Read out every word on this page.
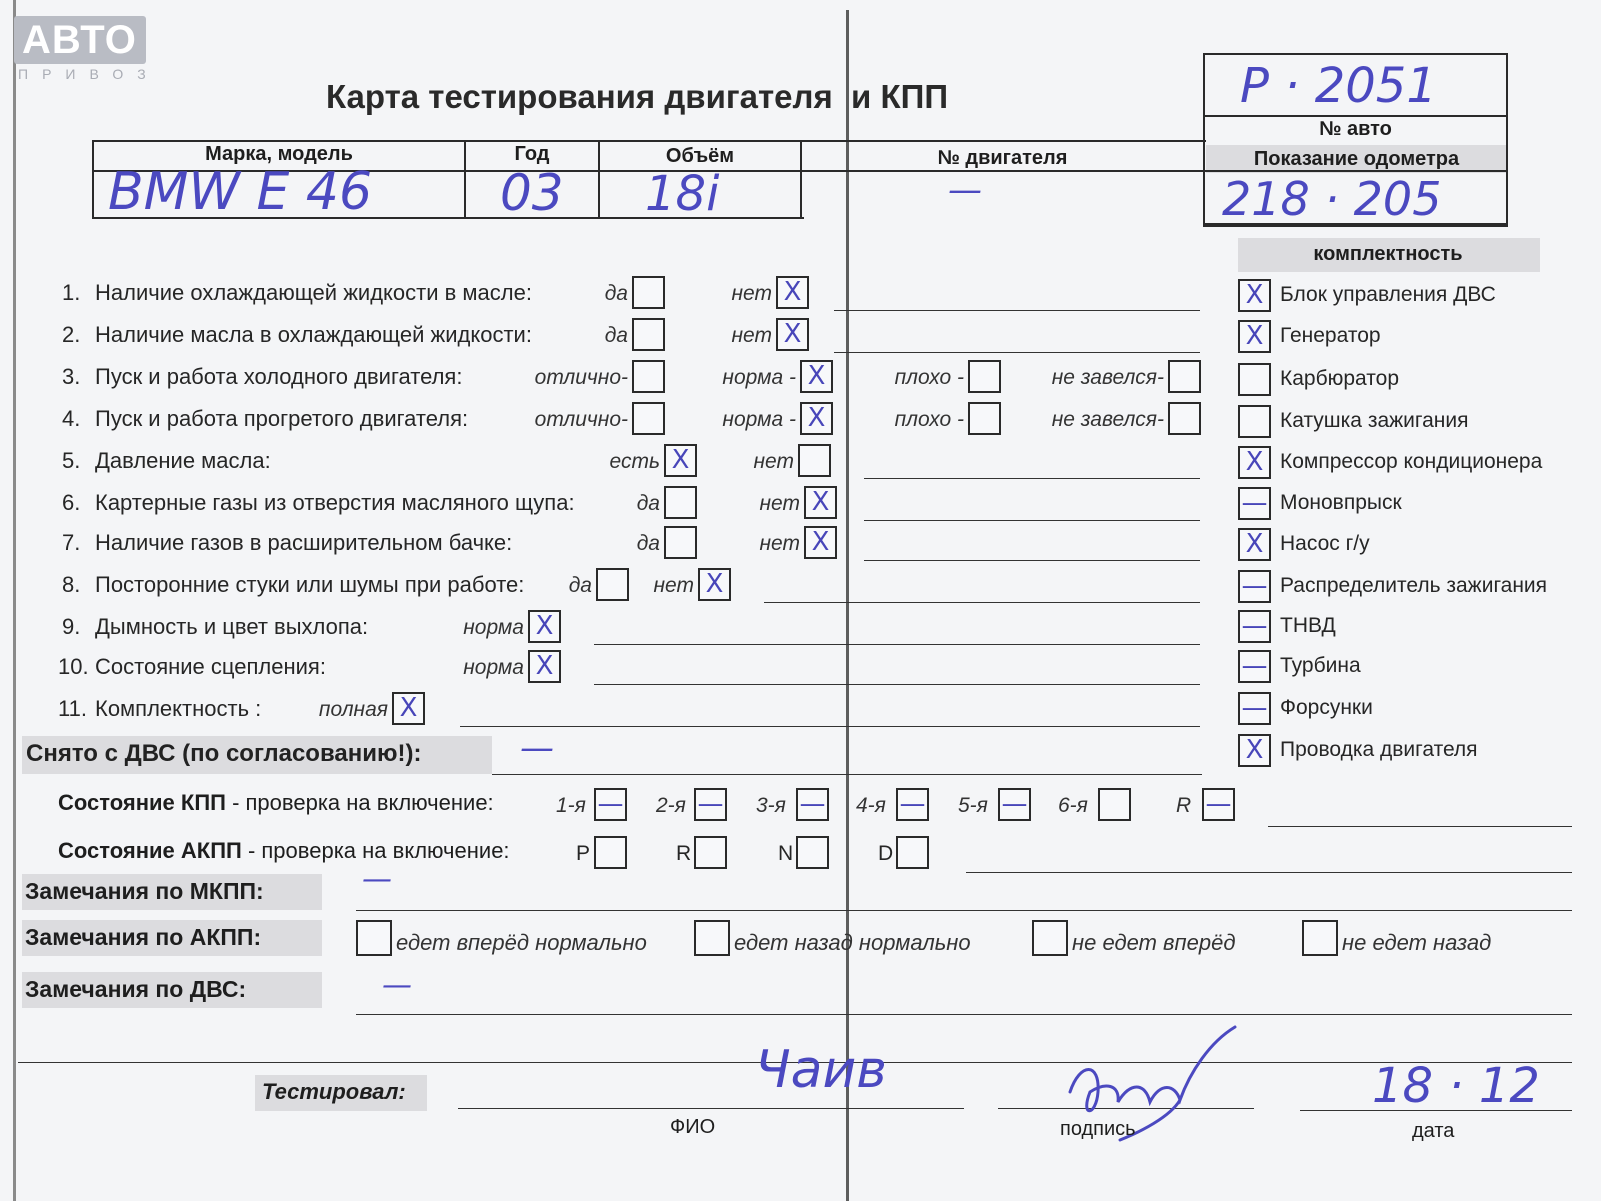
АВТО
ПРИВОЗ
Карта тестирования двигателя  и КПП	P · 2051
№ авто
Марка, модель	Год	Объём	№ двигателя	Показание одометра
BMW E 46	03 18i	—	218 · 205
комплектность
1. Наличие охлаждающей жидкости в масле:	да	нет X
2. Наличие масла в охлаждающей жидкости:	да	нет X
3. Пуск и работа холодного двигателя:	отлично-	норма - X	плохо -	не завелся-
4. Пуск и работа прогретого двигателя:	отлично-	норма - X	плохо -	не завелся-
5. Давление масла:	есть X	нет
6. Картерные газы из отверстия масляного щупа:	да	нет X
7. Наличие газов в расширительном бачке:	да	нет X
8. Посторонние стуки или шумы при работе: да	нет X
9. Дымность и цвет выхлопа:	норма X
10. Состояние сцепления:	норма X
11. Комплектность :	полная X
X Блок управления ДВС
X Генератор
Карбюратор
Катушка зажигания
X Компрессор кондиционера
— Моновпрыск
X Насос г/у
— Распределитель зажигания
— ТНВД
— Турбина
— Форсунки
X Проводка двигателя
Снято с ДВС (по согласованию!):	—
Состояние КПП - проверка на включение:	1-я — 2-я — 3-я — 4-я — 5-я — 6-я	R —
Состояние АКПП - проверка на включение:	P	R	N	D
Замечания по МКПП:	—
Замечания по АКПП:	едет вперёд нормально	едет назад нормально	не едет вперёд	не едет назад
Замечания по ДВС:	—
Тестировал:	Чаив
ФИО	подпись
18 · 12
дата
